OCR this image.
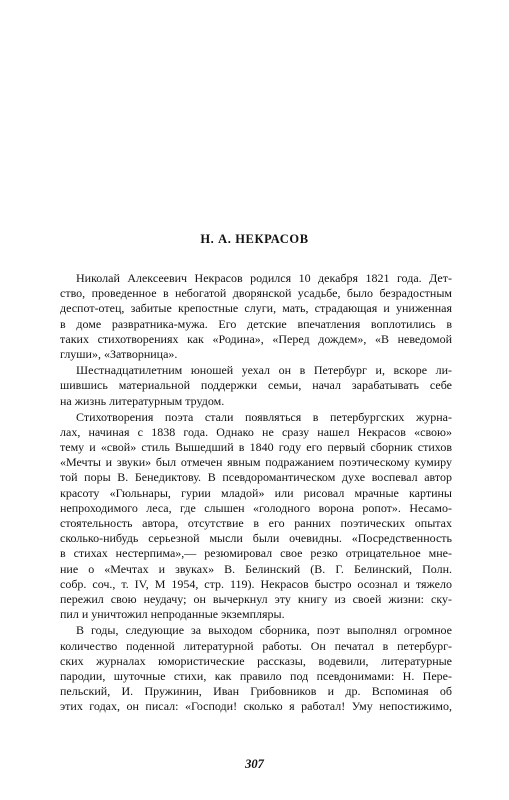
Н. А. НЕКРАСОВ
Николай Алексеевич Некрасов родился 10 декабря 1821 года. Дет-
ство, проведенное в небогатой дворянской усадьбе, было безрадостным
деспот-отец, забитые крепостные слуги, мать, страдающая и униженная
в доме развратника-мужа. Его детские впечатления воплотились в
таких стихотворениях как «Родина», «Перед дождем», «В неведомой
глуши», «Затворница».
Шестнадцатилетним юношей уехал он в Петербург и, вскоре ли-
шившись материальной поддержки семьи, начал зарабатывать себе
на жизнь литературным трудом.
Стихотворения поэта стали появляться в петербургских журна-
лах, начиная с 1838 года. Однако не сразу нашел Некрасов «свою»
тему и «свой» стиль Вышедший в 1840 году его первый сборник стихов
«Мечты и звуки» был отмечен явным подражанием поэтическому кумиру
той поры В. Бенедиктову. В псевдоромантическом духе воспевал автор
красоту «Гюльнары, гурии младой» или рисовал мрачные картины
непроходимого леса, где слышен «голодного ворона ропот». Несамо-
стоятельность автора, отсутствие в его ранних поэтических опытах
сколько-нибудь серьезной мысли были очевидны. «Посредственность
в стихах нестерпима»,— резюмировал свое резко отрицательное мне-
ние о «Мечтах и звуках» В. Белинский (В. Г. Белинский, Полн.
собр. соч., т. IV, М 1954, стр. 119). Некрасов быстро осознал и тяжело
пережил свою неудачу; он вычеркнул эту книгу из своей жизни: ску-
пил и уничтожил непроданные экземпляры.
В годы, следующие за выходом сборника, поэт выполнял огромное
количество поденной литературной работы. Он печатал в петербург-
ских журналах юмористические рассказы, водевили, литературные
пародии, шуточные стихи, как правило под псевдонимами: Н. Пере-
пельский, И. Пружинин, Иван Грибовников и др. Вспоминая об
этих годах, он писал: «Господи! сколько я работал! Уму непостижимо,
307
